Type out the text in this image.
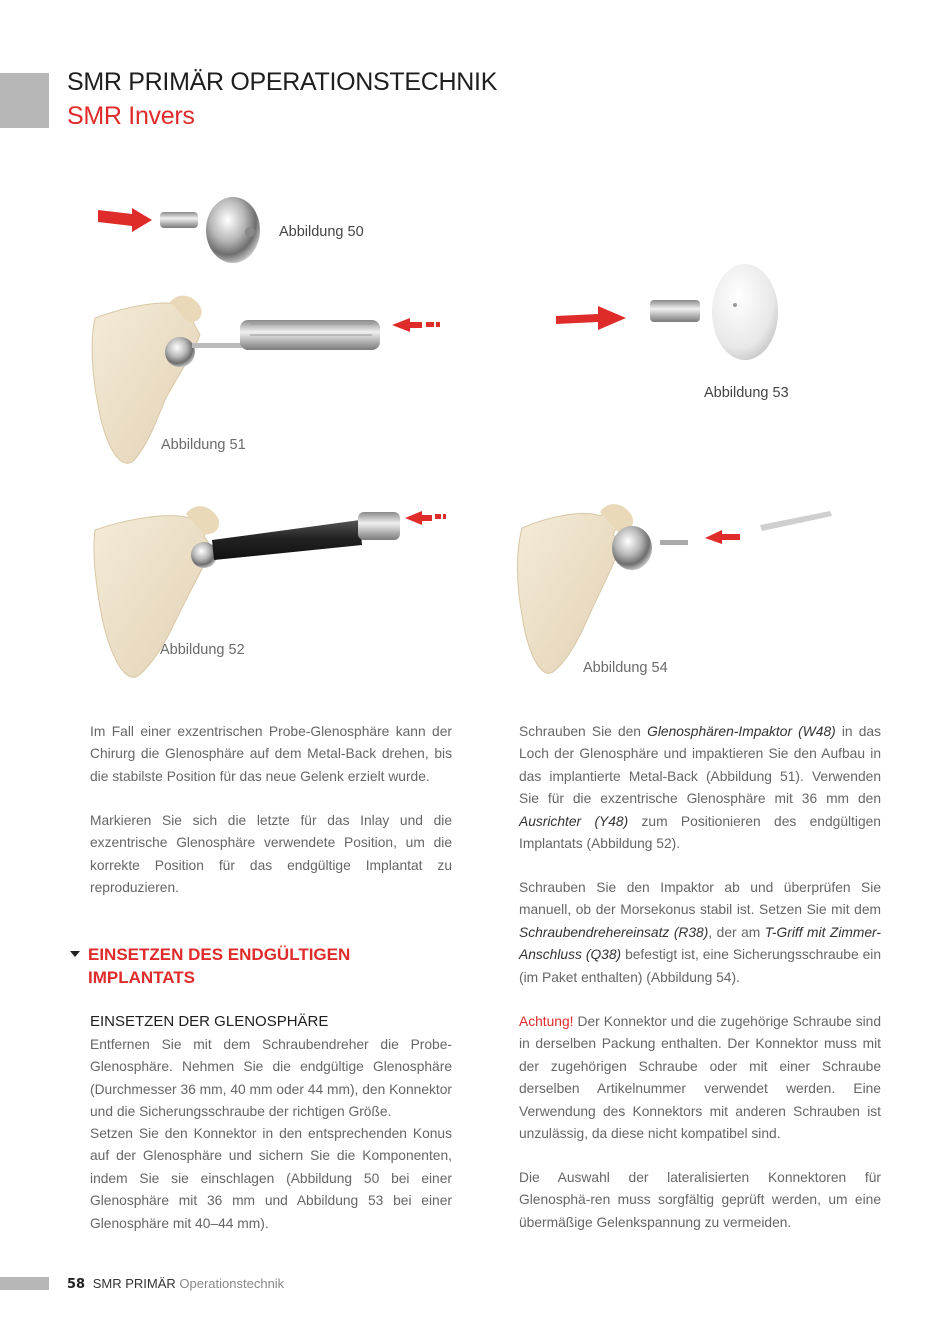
SMR PRIMÄR OPERATIONSTECHNIK
SMR Invers
Abbildung 50
Abbildung 51
Abbildung 52
Abbildung 53
Abbildung 54

Im Fall einer exzentrischen Probe-Glenosphäre kann der Chirurg die Glenosphäre auf dem Metal-Back drehen, bis die stabilste Position für das neue Gelenk erzielt wurde.

Markieren Sie sich die letzte für das Inlay und die exzentrische Glenosphäre verwendete Position, um die korrekte Position für das endgültige Implantat zu reproduzieren.

EINSETZEN DES ENDGÜLTIGEN
IMPLANTATS
EINSETZEN DER GLENOSPHÄRE

Entfernen Sie mit dem Schraubendreher die Probe-Glenosphäre. Nehmen Sie die endgültige Glenosphäre (Durchmesser 36 mm, 40 mm oder 44 mm), den Konnektor und die Sicherungsschraube der richtigen Größe.

Setzen Sie den Konnektor in den entsprechenden Konus auf der Glenosphäre und sichern Sie die Komponenten, indem Sie sie einschlagen (Abbildung 50 bei einer Glenosphäre mit 36 mm und Abbildung 53 bei einer Glenosphäre mit 40–44 mm).

Schrauben Sie den Glenosphären-Impaktor (W48) in das Loch der Glenosphäre und impaktieren Sie den Aufbau in das implantierte Metal-Back (Abbildung 51). Verwenden Sie für die exzentrische Glenosphäre mit 36 mm den Ausrichter (Y48) zum Positionieren des endgültigen Implantats (Abbildung 52).

Schrauben Sie den Impaktor ab und überprüfen Sie manuell, ob der Morsekonus stabil ist. Setzen Sie mit dem Schraubendrehereinsatz (R38), der am T-Griff mit Zimmer-Anschluss (Q38) befestigt ist, eine Sicherungsschraube ein (im Paket enthalten) (Abbildung 54).

Achtung! Der Konnektor und die zugehörige Schraube sind in derselben Packung enthalten. Der Konnektor muss mit der zugehörigen Schraube oder mit einer Schraube derselben Artikelnummer verwendet werden. Eine Verwendung des Konnektors mit anderen Schrauben ist unzulässig, da diese nicht kompatibel sind.

Die Auswahl der lateralisierten Konnektoren für Glenosphä-ren muss sorgfältig geprüft werden, um eine übermäßige Gelenkspannung zu vermeiden.

58 SMR PRIMÄR Operationstechnik
